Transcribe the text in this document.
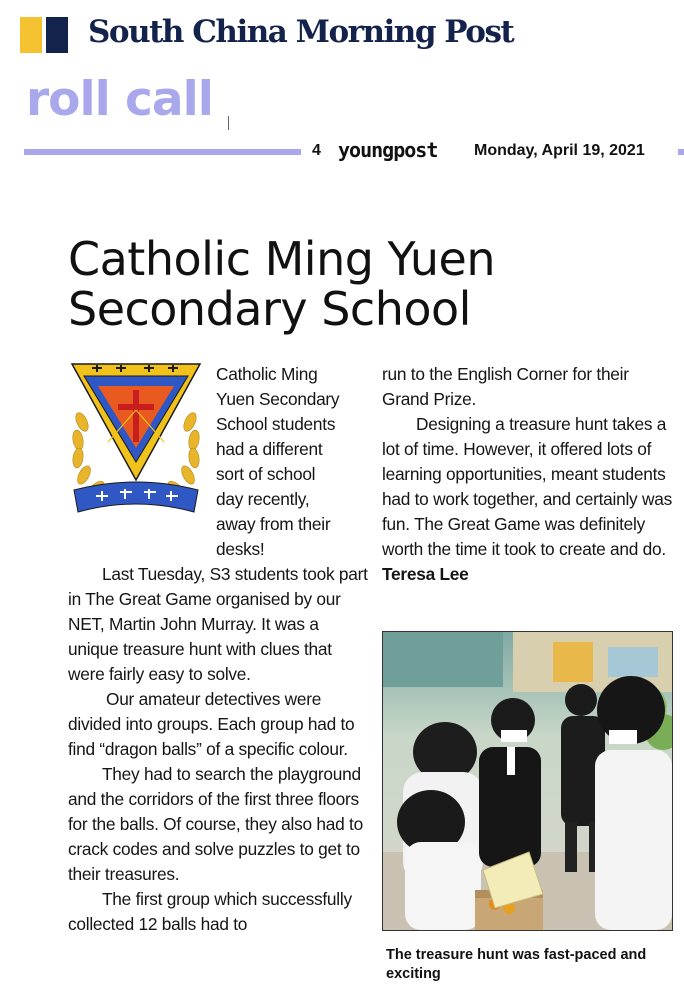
South China Morning Post
roll call
4 youngpost Monday, April 19, 2021
Catholic Ming Yuen Secondary School
Catholic Ming
Yuen Secondary
School students
had a different
sort of school
day recently,
away from their
desks!

Last Tuesday, S3 students took part in The Great Game organised by our NET, Martin John Murray. It was a unique treasure hunt with clues that were fairly easy to solve.

Our amateur detectives were divided into groups. Each group had to find “dragon balls” of a specific colour.

They had to search the playground and the corridors of the first three floors for the balls. Of course, they also had to crack codes and solve puzzles to get to their treasures.

The first group which successfully collected 12 balls had to

run to the English Corner for their Grand Prize.

Designing a treasure hunt takes a lot of time. However, it offered lots of learning opportunities, meant students had to work together, and certainly was fun. The Great Game was definitely worth the time it took to create and do.

Teresa Lee

The treasure hunt was fast-paced and exciting
